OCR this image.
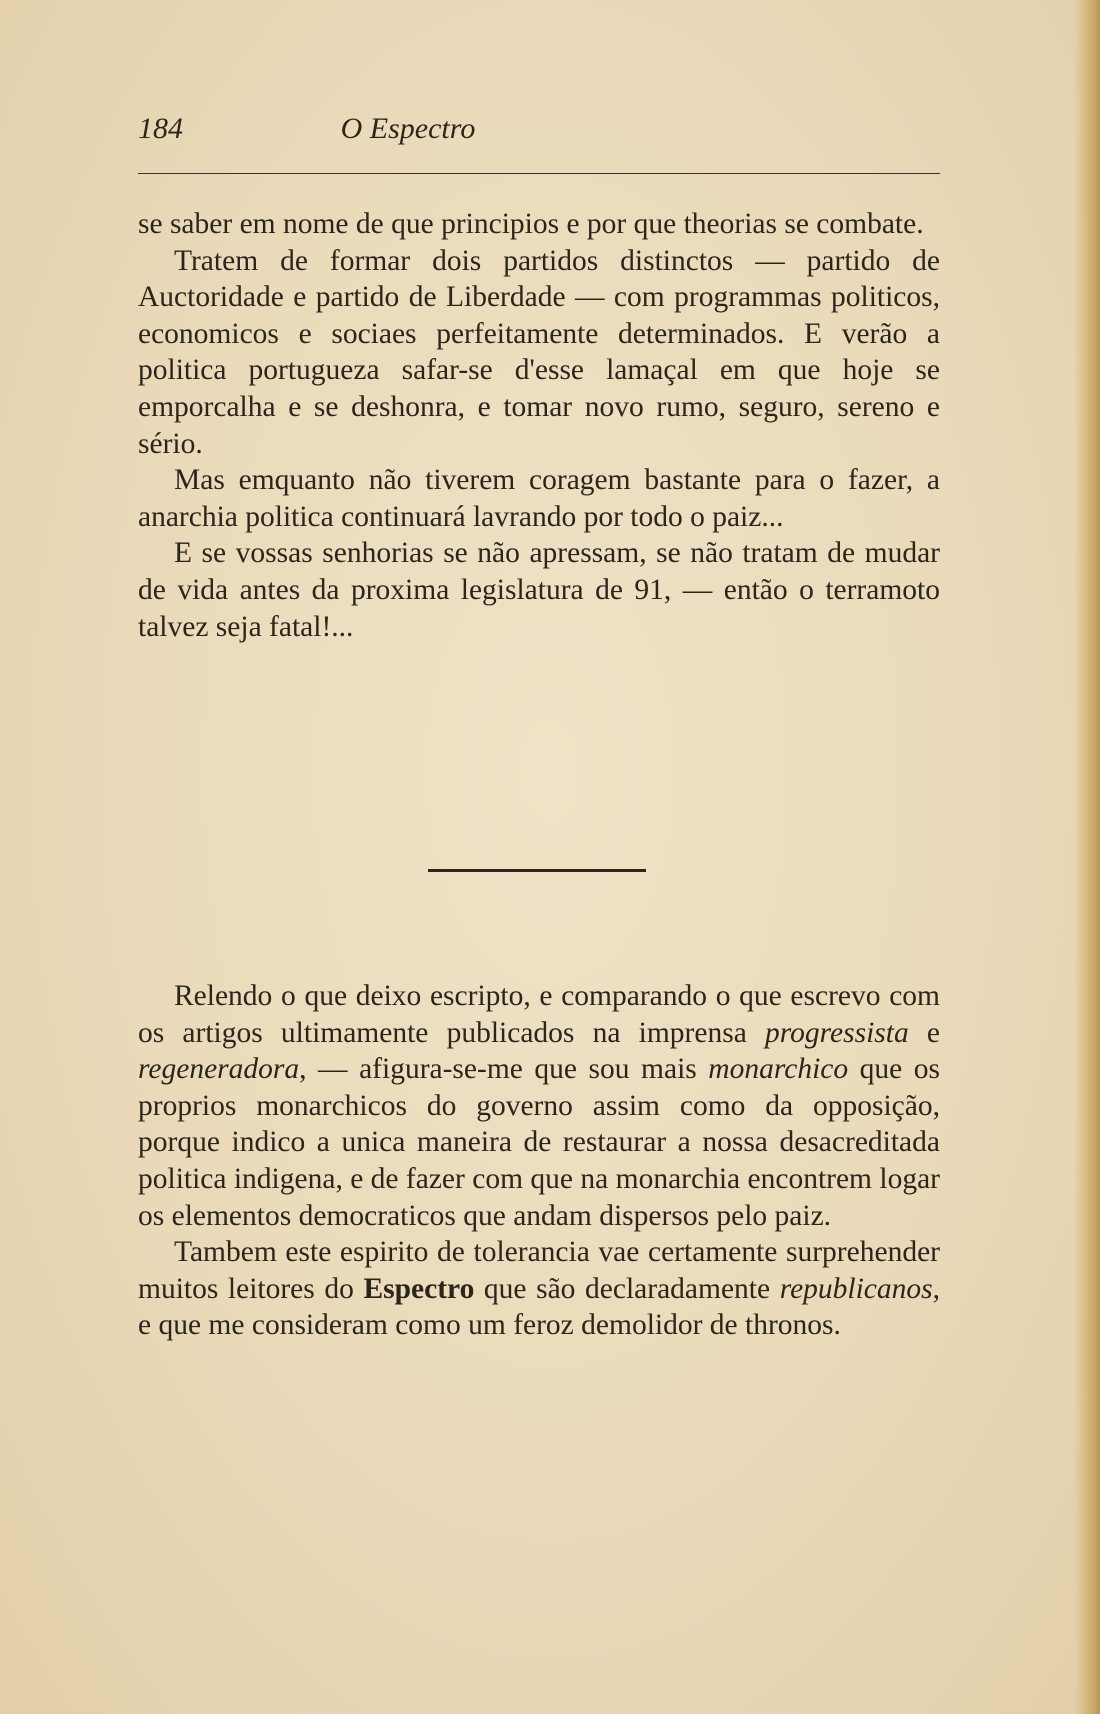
184	O Espectro

se saber em nome de que principios e por que theorias se combate.

Tratem de formar dois partidos distinctos — partido de Auctoridade e partido de Liberdade — com programmas politicos, economicos e sociaes perfeitamente determinados. E verão a politica portugueza safar-se d'esse lamaçal em que hoje se emporcalha e se deshonra, e tomar novo rumo, seguro, sereno e sério.

Mas emquanto não tiverem coragem bastante para o fazer, a anarchia politica continuará lavrando por todo o paiz...

E se vossas senhorias se não apressam, se não tratam de mudar de vida antes da proxima legislatura de 91, — então o terramoto talvez seja fatal!...

Relendo o que deixo escripto, e comparando o que escrevo com os artigos ultimamente publicados na imprensa progressista e regeneradora, — afigura-se-me que sou mais monarchico que os proprios monarchicos do governo assim como da opposição, porque indico a unica maneira de restaurar a nossa desacreditada politica indigena, e de fazer com que na monarchia encontrem logar os elementos democraticos que andam dispersos pelo paiz.

Tambem este espirito de tolerancia vae certamente surprehender muitos leitores do Espectro que são declaradamente republicanos, e que me consideram como um feroz demolidor de thronos.
